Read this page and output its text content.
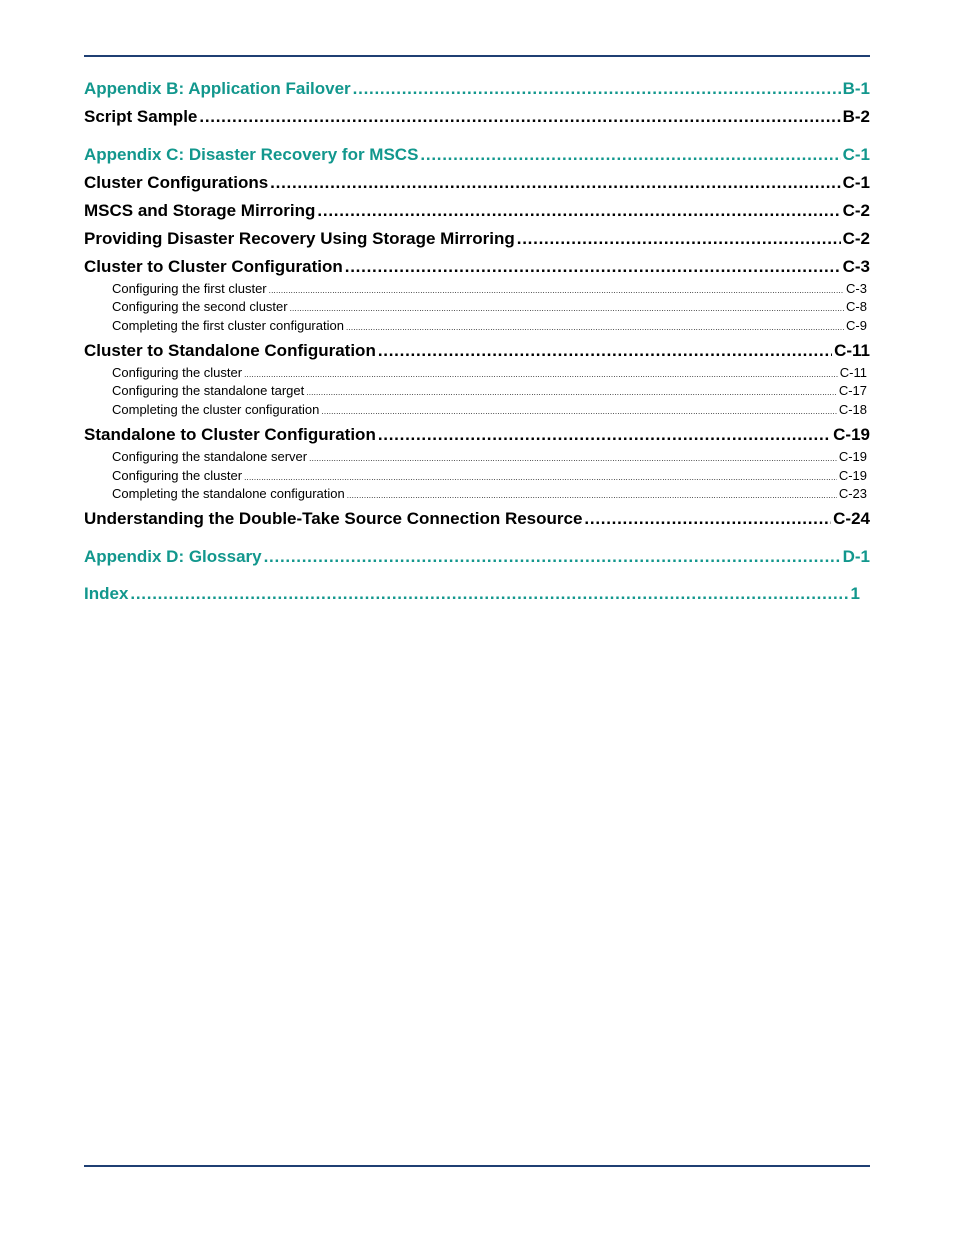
Appendix B: Application Failover . . .	B-1
Script Sample . . .	B-2
Appendix C: Disaster Recovery for MSCS . . .	C-1
Cluster Configurations . . .	C-1
MSCS and Storage Mirroring . . .	C-2
Providing Disaster Recovery Using Storage Mirroring . . .	C-2
Cluster to Cluster Configuration . . .	C-3
Configuring the first cluster . . .	C-3
Configuring the second cluster . . .	C-8
Completing the first cluster configuration . . .	C-9
Cluster to Standalone Configuration . . .	C-11
Configuring the cluster . . .	C-11
Configuring the standalone target . . .	C-17
Completing the cluster configuration . . .	C-18
Standalone to Cluster Configuration . . .	C-19
Configuring the standalone server . . .	C-19
Configuring the cluster . . .	C-19
Completing the standalone configuration . . .	C-23
Understanding the Double-Take Source Connection Resource . . .	C-24
Appendix D: Glossary . . .	D-1
Index . . .	1
